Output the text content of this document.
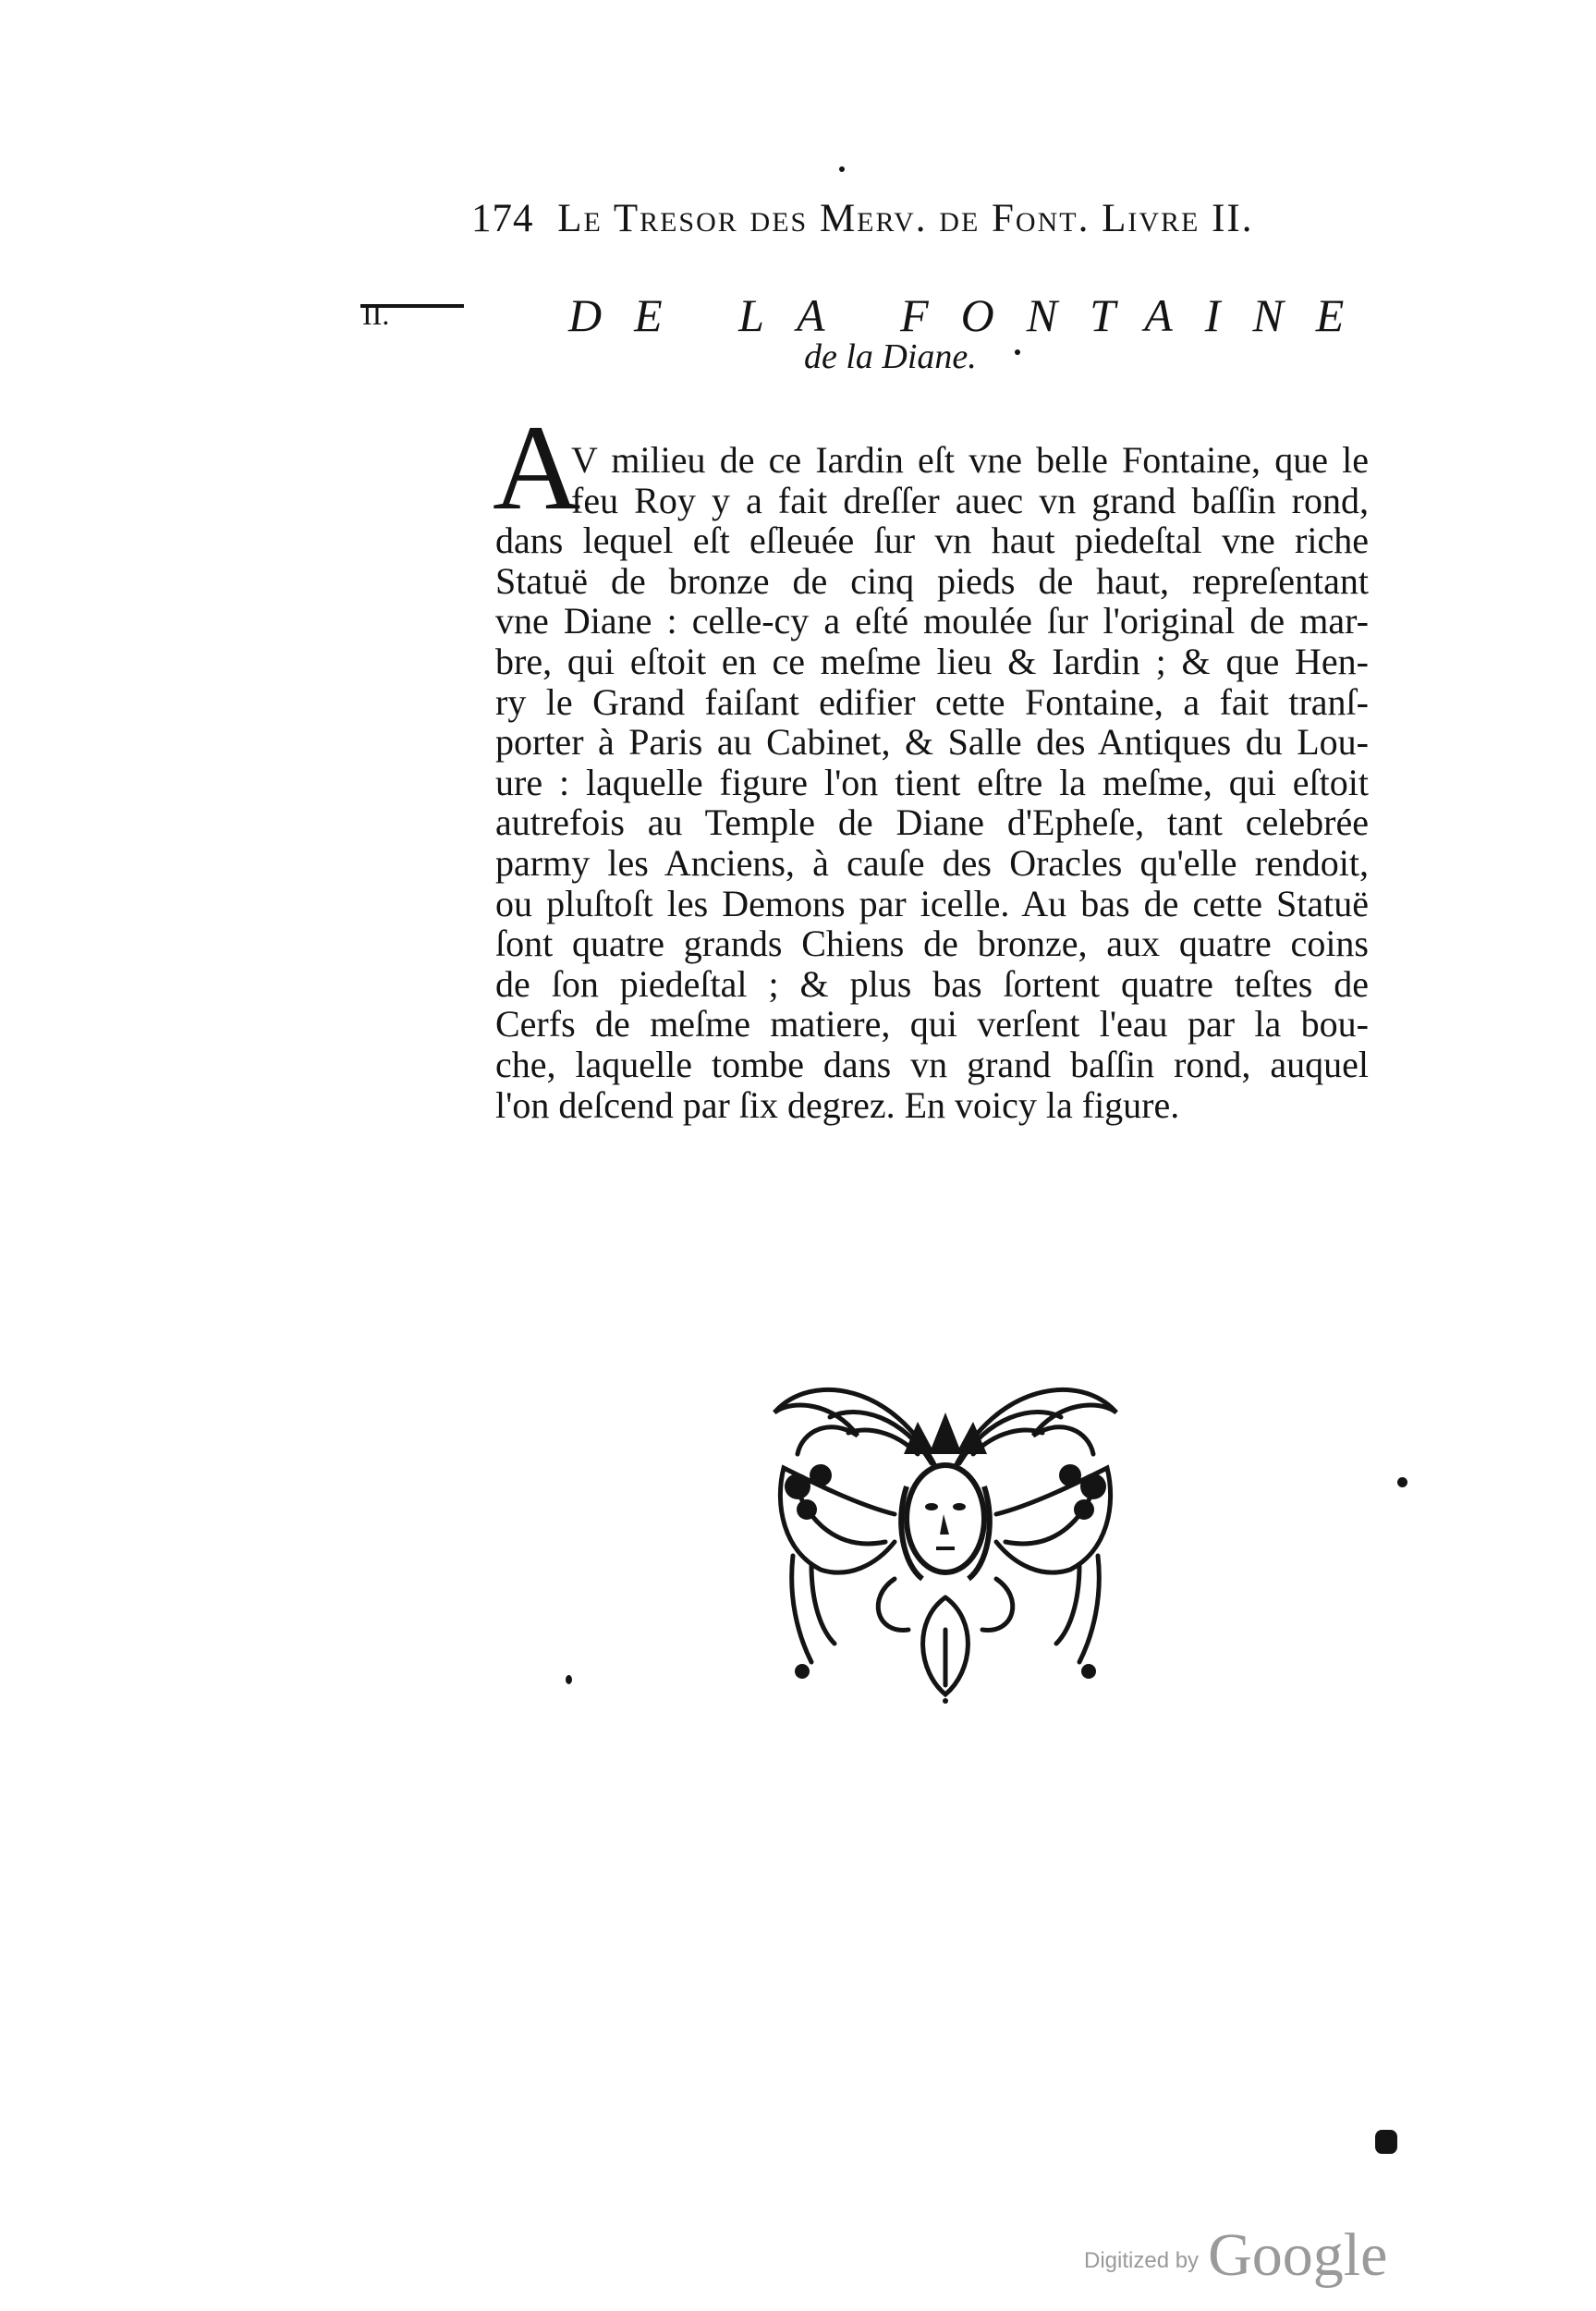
174 Le Tresor des Merv. de Font. Livre II.
II.	DE LA FONTAINE
de la Diane.
A
V milieu de ce Iardin eſt vne belle Fontaine, que le
feu Roy y a fait dreſſer auec vn grand baſſin rond,
dans lequel eſt eſleuée ſur vn haut piedeſtal vne riche
Statuë de bronze de cinq pieds de haut, repreſentant
vne Diane : celle-cy a eſté moulée ſur l'original de mar-
bre, qui eſtoit en ce meſme lieu & Iardin ; & que Hen-
ry le Grand faiſant edifier cette Fontaine, a fait tranſ-
porter à Paris au Cabinet, & Salle des Antiques du Lou-
ure : laquelle figure l'on tient eſtre la meſme, qui eſtoit
autrefois au Temple de Diane d'Epheſe, tant celebrée
parmy les Anciens, à cauſe des Oracles qu'elle rendoit,
ou pluſtoſt les Demons par icelle. Au bas de cette Statuë
ſont quatre grands Chiens de bronze, aux quatre coins
de ſon piedeſtal ; & plus bas ſortent quatre teſtes de
Cerfs de meſme matiere, qui verſent l'eau par la bou-
che, laquelle tombe dans vn grand baſſin rond, auquel
l'on deſcend par ſix degrez. En voicy la figure.
Digitized by Google
